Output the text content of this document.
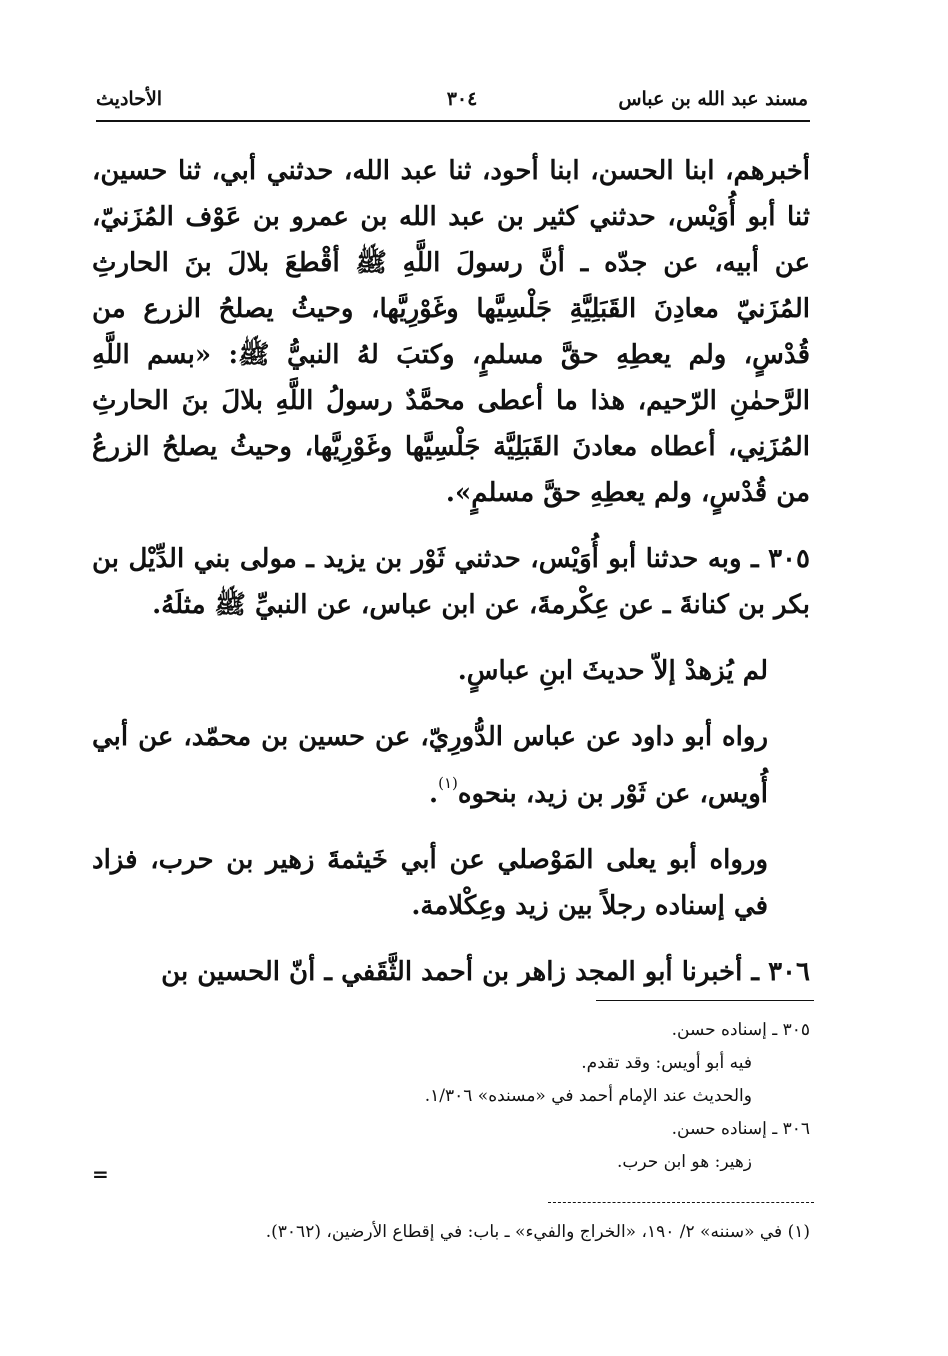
مسند عبد الله بن عباس
٣٠٤
الأحاديث

أخبرهم، ابنا الحسن، ابنا أحود، ثنا عبد الله، حدثني أبي، ثنا حسين، ثنا أبو أُوَيْس، حدثني كثير بن عبد الله بن عمرو بن عَوْف المُزَنيّ، عن أبيه، عن جدّه ـ أنَّ رسولَ اللَّهِ ﷺ أقْطعَ بلالَ بنَ الحارثِ المُزَنيّ معادِنَ القَبَلِيَّةِ جَلْسِيَّها وغَوْرِيَّها، وحيثُ يصلحُ الزرع من قُدْسٍ، ولم يعطِهِ حقَّ مسلمٍ، وكتبَ لهُ النبيُّ ﷺ: «بسم اللَّهِ الرَّحمٰنِ الرّحيم، هذا ما أعطى محمَّدٌ رسولُ اللَّهِ بلالَ بنَ الحارثِ المُزَنِي، أعطاه معادنَ القَبَلِيَّة جَلْسِيَّها وغَوْرِيَّها، وحيثُ يصلحُ الزرعُ من قُدْسٍ، ولم يعطِهِ حقَّ مسلمٍ».

٣٠٥ ـ وبه حدثنا أبو أُوَيْس، حدثني ثَوْر بن يزيد ـ مولى بني الدِّيْل بن بكر بن كنانةَ ـ عن عِكْرمةَ، عن ابن عباس، عن النبيِّ ﷺ مثلَهُ.

لم يُزهدْ إلاّ حديثَ ابنِ عباسٍ.

رواه أبو داود عن عباس الدُّورِيّ، عن حسين بن محمّد، عن أبي أُويس، عن ثَوْر بن زيد، بنحوه$^{(١)}$.

ورواه أبو يعلى المَوْصلي عن أبي خَيثمةَ زهير بن حرب، فزاد في إسناده رجلاً بين زيد وعِكْلامة.

٣٠٦ ـ أخبرنا أبو المجد زاهر بن أحمد الثَّقَفي ـ أنّ الحسين بن

٣٠٥ ـ إسناده حسن.

فيه أبو أويس: وقد تقدم.

والحديث عند الإمام أحمد في «مسنده» ١/٣٠٦.

٣٠٦ ـ إسناده حسن.

زهير: هو ابن حرب.

=
(١) في «سننه» ٢/ ١٩٠، «الخراج والفيء» ـ باب: في إقطاع الأرضين، (٣٠٦٢).
